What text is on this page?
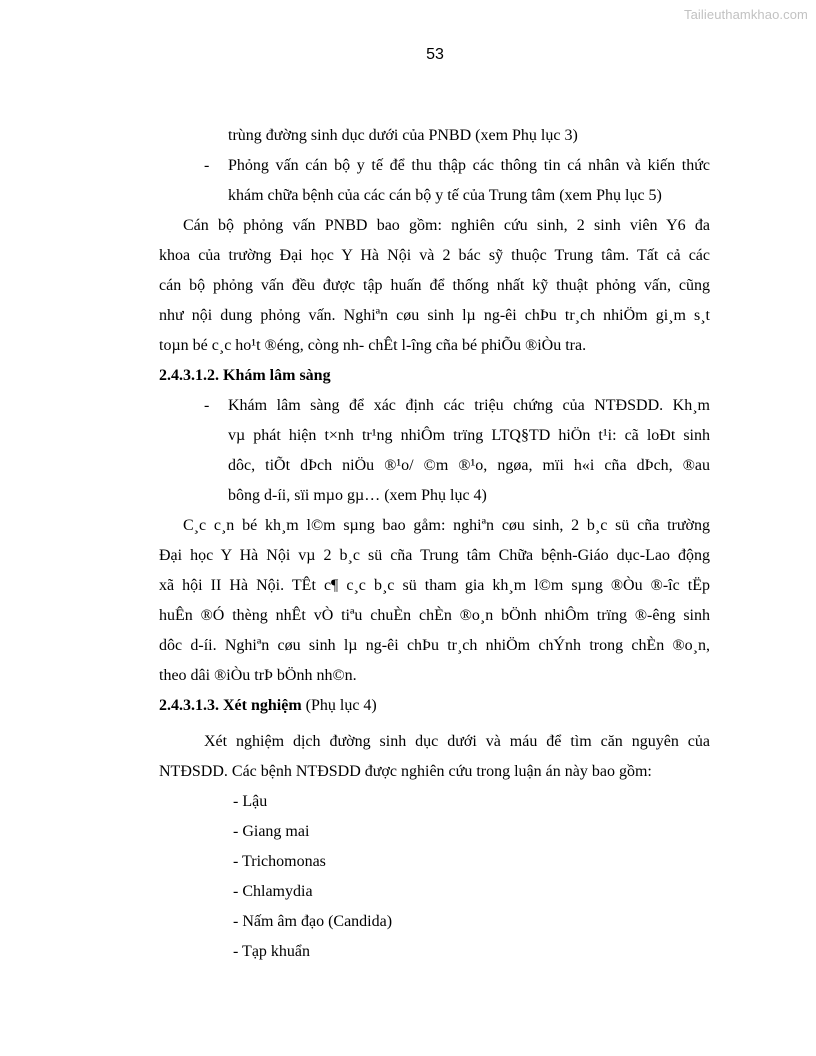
Tailieuthamkhao.com
53
trùng đường sinh dục dưới của PNBD (xem Phụ lục 3)
- Phỏng vấn cán bộ y tế để thu thập các thông tin cá nhân và kiến thức
khám chữa bệnh của các cán bộ y tế của Trung tâm (xem Phụ lục 5)
Cán bộ phỏng vấn PNBD bao gồm: nghiên cứu sinh, 2 sinh viên Y6 đa
khoa của trường Đại học Y Hà Nội và 2 bác sỹ thuộc Trung tâm. Tất cả các
cán bộ phỏng vấn đều được tập huấn để thống nhất kỹ thuật phỏng vấn, cũng
như nội dung phỏng vấn. Nghiªn cøu sinh lµ ng-êi chÞu tr¸ch nhiÖm gi¸m s¸t
toµn bé c¸c ho¹t ®éng, còng nh- chÊt l-îng cña bé phiÕu ®iÒu tra.
2.4.3.1.2. Khám lâm sàng
- Khám lâm sàng để xác định các triệu chứng của NTĐSDD. Kh¸m
vµ phát hiện t×nh tr¹ng nhiÔm trïng LTQ§TD hiÖn t¹i: cã loÐt sinh
dôc, tiÕt dÞch niÖu ®¹o/ ©m ®¹o, ngøa, mïi h«i cña dÞch, ®au
bông d-íi, sïi mµo gµ… (xem Phụ lục 4)
C¸c c¸n bé kh¸m l©m sµng bao gåm: nghiªn cøu sinh, 2 b¸c sü cña trường
Đại học Y Hà Nội vµ 2 b¸c sü cña Trung tâm Chữa bệnh-Giáo dục-Lao động
xã hội II Hà Nội. TÊt c¶ c¸c b¸c sü tham gia kh¸m l©m sµng ®Òu ®-îc tËp
huÊn ®Ó thèng nhÊt vÒ tiªu chuÈn chÈn ®o¸n bÖnh nhiÔm trïng ®-êng sinh
dôc d-íi. Nghiªn cøu sinh lµ ng-êi chÞu tr¸ch nhiÖm chÝnh trong chÈn ®o¸n,
theo dâi ®iÒu trÞ bÖnh nh©n.
2.4.3.1.3. Xét nghiệm (Phụ lục 4)
Xét nghiệm dịch đường sinh dục dưới và máu để tìm căn nguyên của
NTĐSDD. Các bệnh NTĐSDD được nghiên cứu trong luận án này bao gồm:
- Lậu
- Giang mai
- Trichomonas
- Chlamydia
- Nấm âm đạo (Candida)
- Tạp khuẩn
